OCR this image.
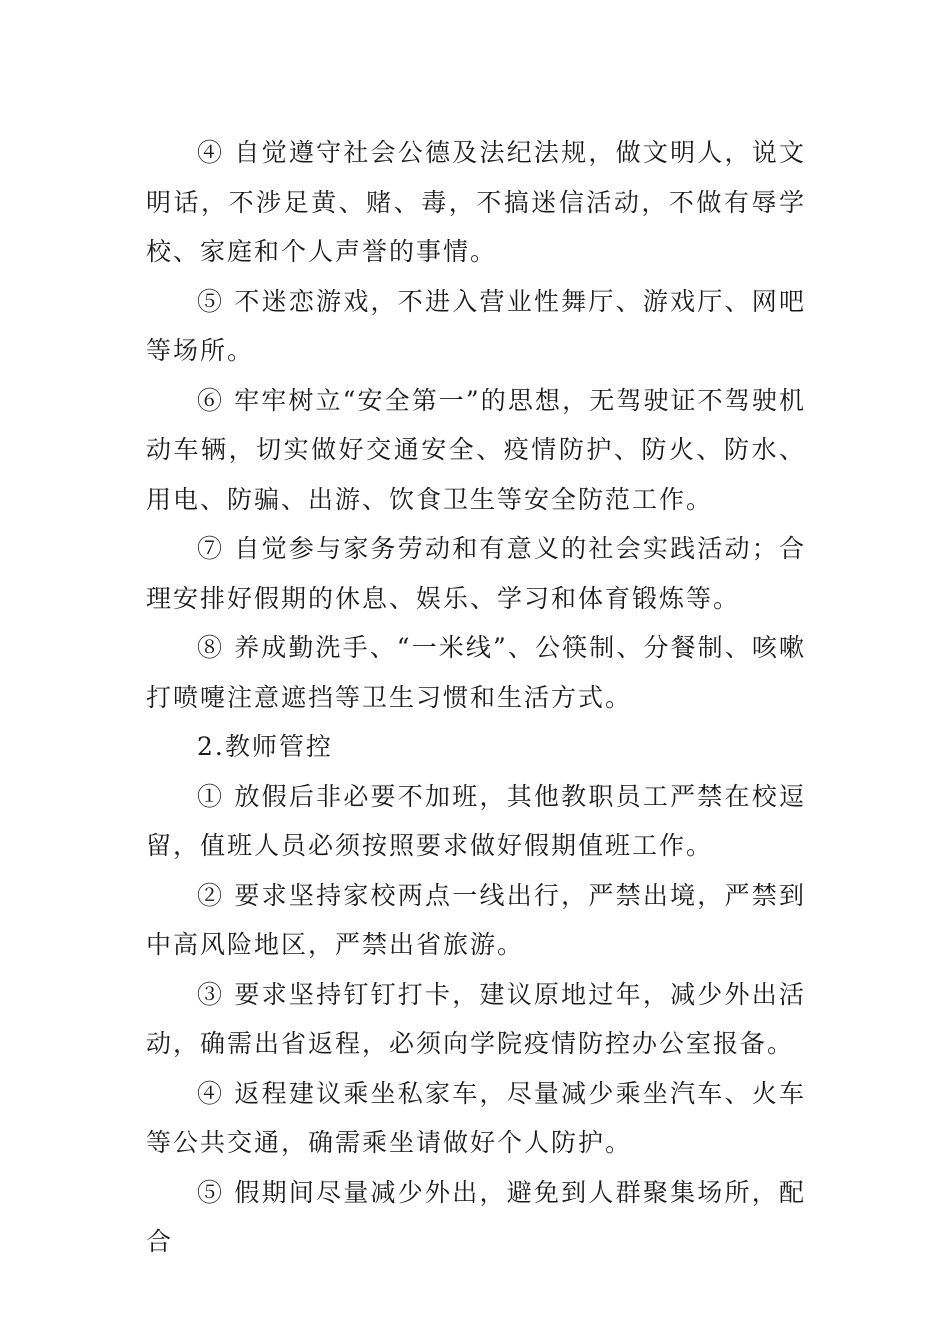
④ 自觉遵守社会公德及法纪法规，做文明人，说文明话，不涉足黄、赌、毒，不搞迷信活动，不做有辱学校、家庭和个人声誉的事情。

⑤ 不迷恋游戏，不进入营业性舞厅、游戏厅、网吧等场所。

⑥ 牢牢树立“安全第一”的思想，无驾驶证不驾驶机动车辆，切实做好交通安全、疫情防护、防火、防水、用电、防骗、出游、饮食卫生等安全防范工作。

⑦ 自觉参与家务劳动和有意义的社会实践活动；合理安排好假期的休息、娱乐、学习和体育锻炼等。

⑧ 养成勤洗手、“一米线”、公筷制、分餐制、咳嗽打喷嚏注意遮挡等卫生习惯和生活方式。

2.教师管控

① 放假后非必要不加班，其他教职员工严禁在校逗留，值班人员必须按照要求做好假期值班工作。

② 要求坚持家校两点一线出行，严禁出境，严禁到中高风险地区，严禁出省旅游。

③ 要求坚持钉钉打卡，建议原地过年，减少外出活动，确需出省返程，必须向学院疫情防控办公室报备。

④ 返程建议乘坐私家车，尽量减少乘坐汽车、火车等公共交通，确需乘坐请做好个人防护。

⑤ 假期间尽量减少外出，避免到人群聚集场所，配合
